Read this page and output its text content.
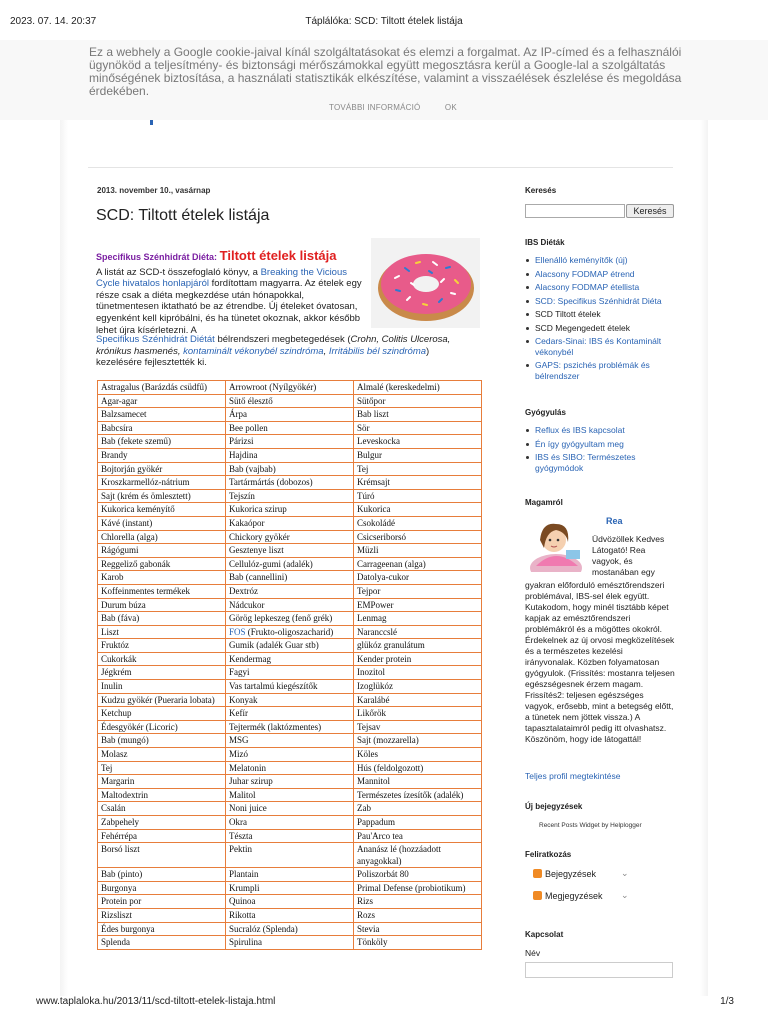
2023. 07. 14. 20:37	Táplálóka: SCD: Tiltott ételek listája
Ez a webhely a Google cookie-jaival kínál szolgáltatásokat és elemzi a forgalmat. Az IP-címed és a felhasználói ügynököd a teljesítmény- és biztonsági mérőszámokkal együtt megosztásra kerül a Google-lal a szolgáltatás minőségének biztosítása, a használati statisztikák elkészítése, valamint a visszaélések észlelése és megoldása érdekében.
TOVÁBBI INFORMÁCIÓ	OK
2013. november 10., vasárnap
SCD: Tiltott ételek listája
Specifikus Szénhidrát Diéta: Tiltott ételek listája
A listát az SCD-t összefoglaló könyv, a Breaking the Vicious Cycle hivatalos honlapjáról fordítottam magyarra. Az ételek egy része csak a diéta megkezdése után hónapokkal, tünetmentesen iktatható be az étrendbe. Új ételeket óvatosan, egyenként kell kipróbálni, és ha tünetet okoznak, akkor később lehet újra kísérletezni. A
Specifikus Szénhidrát Diétát bélrendszeri megbetegedések (Crohn, Colitis Ulcerosa, krónikus hasmenés, kontaminált vékonybél szindróma, Irritábilis bél szindróma) kezelésére fejlesztették ki.
Astragalus (Barázdás csüdfű)	Arrowroot (Nyílgyökér)	Almalé (kereskedelmi)
Agar-agar	Sütő élesztő	Sütőpor
Balzsamecet	Árpa	Bab liszt
Babcsíra	Bee pollen	Sör
Bab (fekete szemű)	Párizsi	Leveskocka
Brandy	Hajdina	Bulgur
Bojtorján gyökér	Bab (vajbab)	Tej
Kroszkarmellóz-nátrium	Tartármártás (dobozos)	Krémsajt
Sajt (krém és ömlesztett)	Tejszín	Túró
Kukorica keményítő	Kukorica szirup	Kukorica
Kávé (instant)	Kakaópor	Csokoládé
Chlorella (alga)	Chickory gyökér	Csicseriborsó
Rágógumi	Gesztenye liszt	Müzli
Reggeliző gabonák	Cellulóz-gumi (adalék)	Carrageenan (alga)
Karob	Bab (cannellini)	Datolya-cukor
Koffeinmentes termékek	Dextróz	Tejpor
Durum búza	Nádcukor	EMPower
Bab (fáva)	Görög lepkeszeg (fenő grék)	Lenmag
Liszt	FOS (Frukto-oligoszacharid)	Naranccslé
Fruktóz	Gumik (adalék Guar stb)	glükóz granulátum
Cukorkák	Kendermag	Kender protein
Jégkrém	Fagyi	Inozitol
Inulin	Vas tartalmú kiegészítők	Izoglükóz
Kudzu gyökér (Pueraria lobata)	Konyak	Karalábé
Ketchup	Kefír	Likőrök
Édesgyökér (Licoric)	Tejtermék (laktózmentes)	Tejsav
Bab (mungó)	MSG	Sajt (mozzarella)
Molasz	Mizó	Köles
Tej	Melatonin	Hús (feldolgozott)
Margarin	Juhar szirup	Mannitol
Maltodextrin	Malitol	Természetes ízesítők (adalék)
Csalán	Noni juice	Zab
Zabpehely	Okra	Pappadum
Fehérrépa	Tészta	Pau'Arco tea
Borsó liszt	Pektin	Ananász lé (hozzáadott anyagokkal)
Bab (pinto)	Plantain	Poliszorbát 80
Burgonya	Krumpli	Primal Defense (probiotikum)
Protein por	Quinoa	Rizs
Rizsliszt	Rikotta	Rozs
Édes burgonya	Sucralóz (Splenda)	Stevia
Splenda	Spirulina	Tönköly
Keresés
Keresés
IBS Diéták
Ellenálló keményítők (új)
Alacsony FODMAP étrend
Alacsony FODMAP étellista
SCD: Specifikus Szénhidrát Diéta
SCD Tiltott ételek
SCD Megengedett ételek
Cedars-Sinai: IBS és Kontaminált vékonybél
GAPS: pszichés problémák és bélrendszer
Gyógyulás
Reflux és IBS kapcsolat
Én így gyógyultam meg
IBS és SIBO: Természetes gyógymódok
Magamról
Rea
Üdvözöllek Kedves Látogató! Rea vagyok, és mostanában egy
gyakran előforduló emésztőrendszeri problémával, IBS-sel élek együtt. Kutakodom, hogy minél tisztább képet kapjak az emésztőrendszeri problémákról és a mögöttes okokról. Érdekelnek az új orvosi megközelítések és a természetes kezelési irányvonalak. Közben folyamatosan gyógyulok. (Frissítés: mostanra teljesen egészségesnek érzem magam. Frissítés2: teljesen egészséges vagyok, erősebb, mint a betegség előtt, a tünetek nem jöttek vissza.) A tapasztalataimról pedig itt olvashatsz. Köszönöm, hogy ide látogattál!
Teljes profil megtekintése
Új bejegyzések
Recent Posts Widget by Helplogger
Feliratkozás
Bejegyzések	⌄
Megjegyzések ⌄
Kapcsolat
Név
www.taplaloka.hu/2013/11/scd-tiltott-etelek-listaja.html	1/3
